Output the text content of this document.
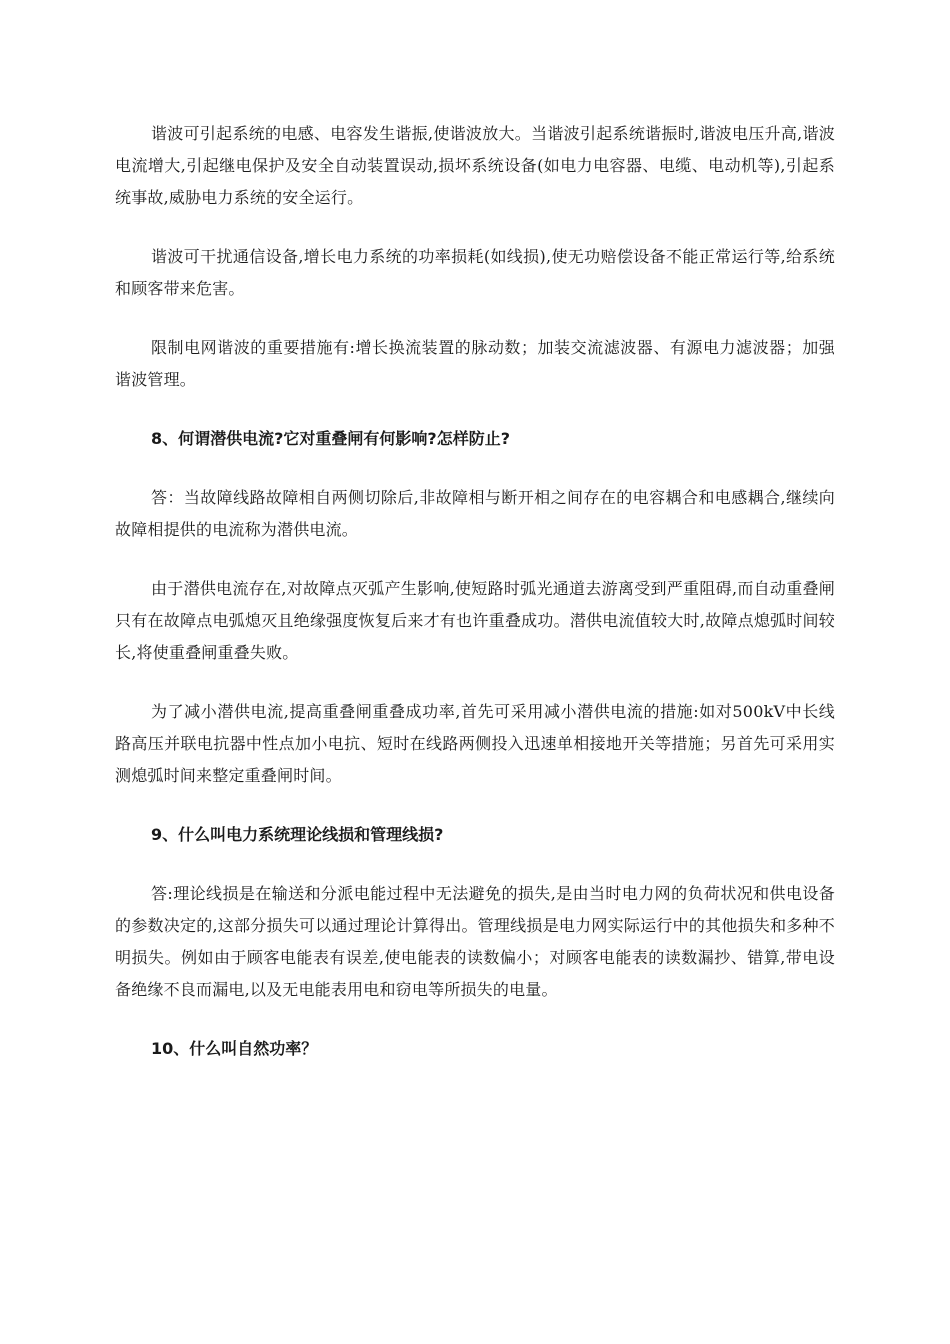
谐波可引起系统的电感、电容发生谐振,使谐波放大。当谐波引起系统谐振时,谐波电压升高,谐波电流增大,引起继电保护及安全自动装置误动,损坏系统设备(如电力电容器、电缆、电动机等),引起系统事故,威胁电力系统的安全运行。

谐波可干扰通信设备,增长电力系统的功率损耗(如线损),使无功赔偿设备不能正常运行等,给系统和顾客带来危害。

限制电网谐波的重要措施有:增长换流装置的脉动数；加装交流滤波器、有源电力滤波器；加强谐波管理。

8、何谓潜供电流?它对重叠闸有何影响?怎样防止?

答：当故障线路故障相自两侧切除后,非故障相与断开相之间存在的电容耦合和电感耦合,继续向故障相提供的电流称为潜供电流。

由于潜供电流存在,对故障点灭弧产生影响,使短路时弧光通道去游离受到严重阻碍,而自动重叠闸只有在故障点电弧熄灭且绝缘强度恢复后来才有也许重叠成功。潜供电流值较大时,故障点熄弧时间较长,将使重叠闸重叠失败。

为了减小潜供电流,提高重叠闸重叠成功率,首先可采用减小潜供电流的措施:如对500kV中长线路高压并联电抗器中性点加小电抗、短时在线路两侧投入迅速单相接地开关等措施；另首先可采用实测熄弧时间来整定重叠闸时间。

9、什么叫电力系统理论线损和管理线损?

答:理论线损是在输送和分派电能过程中无法避免的损失,是由当时电力网的负荷状况和供电设备的参数决定的,这部分损失可以通过理论计算得出。管理线损是电力网实际运行中的其他损失和多种不明损失。例如由于顾客电能表有误差,使电能表的读数偏小；对顾客电能表的读数漏抄、错算,带电设备绝缘不良而漏电,以及无电能表用电和窃电等所损失的电量。

10、什么叫自然功率？
